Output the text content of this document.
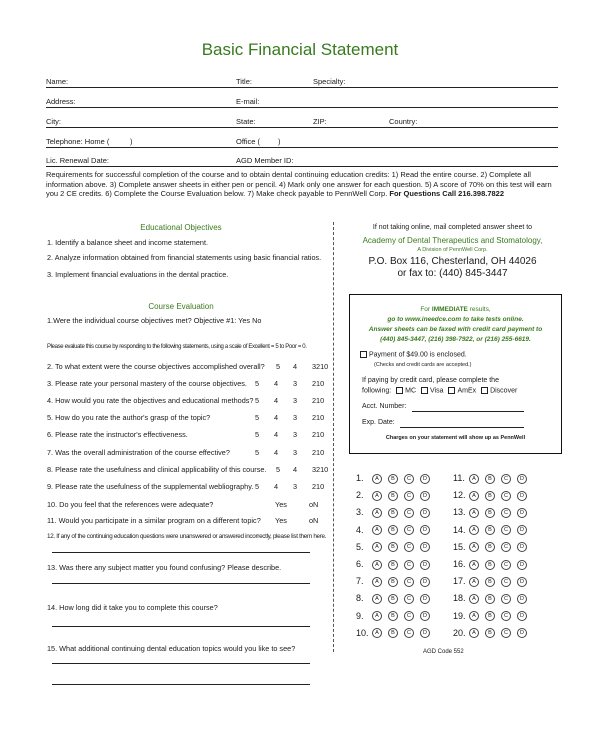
Basic Financial Statement
Name:	Title:	Specialty:
Address:	E-mail:
City:	State:	ZIP:	Country:
Telephone: Home (	)	Office ( )
Lic. Renewal Date:	AGD Member ID:
Requirements for successful completion of the course and to obtain dental continuing education credits: 1) Read the entire course. 2) Complete all information above. 3) Complete answer sheets in either pen or pencil. 4) Mark only one answer for each question. 5) A score of 70% on this test will earn you 2 CE credits. 6) Complete the Course Evaluation below. 7) Make check payable to PennWell Corp. For Questions Call 216.398.7822
Educational Objectives
1. Identify a balance sheet and income statement.
2. Analyze information obtained from financial statements using basic financial ratios.
3. Implement financial evaluations in the dental practice.
Course Evaluation
1.Were the individual course objectives met? Objective #1: Yes No
Please evaluate this course by responding to the following statements, using a scale of Excellent = 5 to Poor = 0.
2. To what extent were the course objectives accomplished overall? 5 4 3210
3. Please rate your personal mastery of the course objectives. 5 4 3 210
4. How would you rate the objectives and educational methods? 5 4 3 210
5. How do you rate the author's grasp of the topic?	5 4 3 210
6. Please rate the instructor's effectiveness.	5 4 3 210
7. Was the overall administration of the course effective?	5 4 3 210
8. Please rate the usefulness and clinical applicability of this course. 5 4 3210
9. Please rate the usefulness of the supplemental webliography. 5 4 3 210
10. Do you feel that the references were adequate?	Yes	oN
11. Would you participate in a similar program on a different topic? Yes	oN
12. If any of the continuing education questions were unanswered or answered incorrectly, please list them here.
13. Was there any subject matter you found confusing? Please describe.
14. How long did it take you to complete this course?
15. What additional continuing dental education topics would you like to see?
If not taking online, mail completed answer sheet to
Academy of Dental Therapeutics and Stomatology,
A Division of PennWell Corp.
P.O. Box 116, Chesterland, OH 44026
or fax to: (440) 845-3447
For IMMEDIATE results,
go to www.ineedce.com to take tests online.
Answer sheets can be faxed with credit card payment to
(440) 845-3447, (216) 398-7922, or (216) 255-6619.
Payment of $49.00 is enclosed.
(Checks and credit cards are accepted.)
If paying by credit card, please complete the
following: MC Visa AmEx Discover
Acct. Number:
Exp. Date:
Charges on your statement will show up as PennWell
1. A B C D	11. A B C D
2. A B C D	12. A B C D
3. A B C D	13. A B C D
4. A B C D	14. A B C D
5. A B C D	15. A B C D
6. A B C D	16. A B C D
7. A B C D	17. A B C D
8. A B C D	18. A B C D
9. A B C D	19. A B C D
10. A B C D	20. A B C D
AGD Code 552
